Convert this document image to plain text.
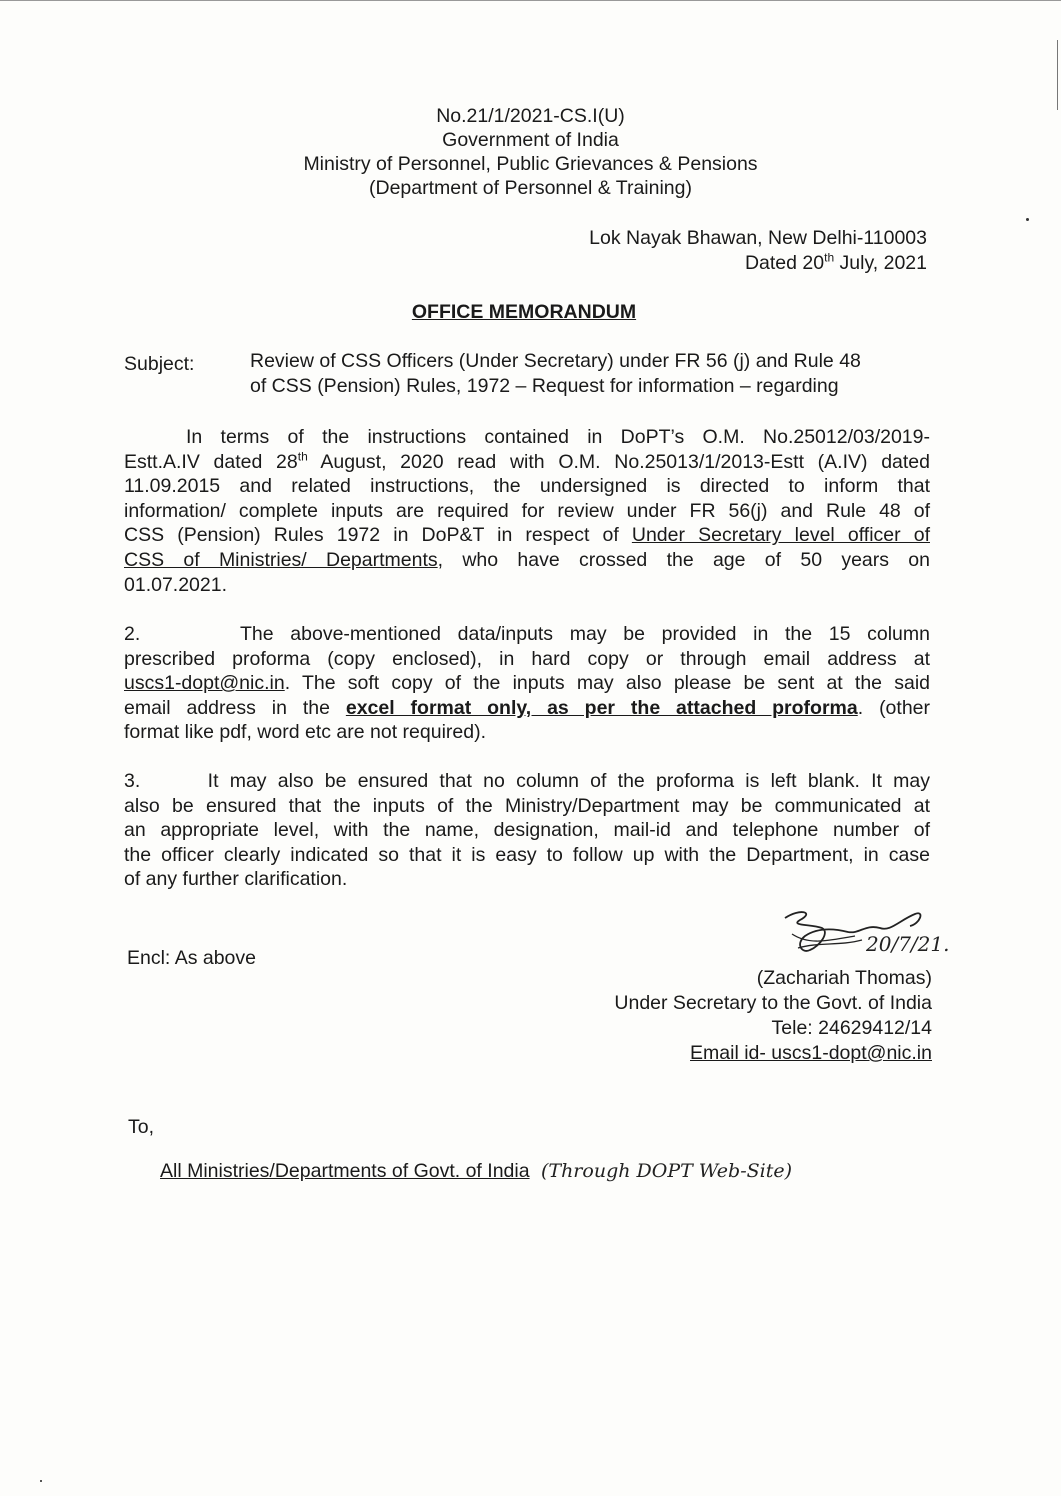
No.21/1/2021-CS.I(U)
Government of India
Ministry of Personnel, Public Grievances & Pensions
(Department of Personnel & Training)
Lok Nayak Bhawan, New Delhi-110003
Dated 20th July, 2021
OFFICE MEMORANDUM
Subject:	Review of CSS Officers (Under Secretary) under FR 56 (j) and Rule 48
of CSS (Pension) Rules, 1972 – Request for information – regarding
In terms of the instructions contained in DoPT’s O.M. No.25012/03/2019-
Estt.A.IV dated 28th August, 2020 read with O.M. No.25013/1/2013-Estt (A.IV) dated
11.09.2015 and related instructions, the undersigned is directed to inform that
information/ complete inputs are required for review under FR 56(j) and Rule 48 of
CSS (Pension) Rules 1972 in DoP&T in respect of Under Secretary level officer of
CSS of Ministries/ Departments, who have crossed the age of 50 years on
01.07.2021.
2.      The above-mentioned data/inputs may be provided in the 15 column
prescribed proforma (copy enclosed), in hard copy or through email address at
uscs1-dopt@nic.in. The soft copy of the inputs may also please be sent at the said
email address in the excel format only, as per the attached proforma. (other
format like pdf, word etc are not required).
3.      It may also be ensured that no column of the proforma is left blank. It may
also be ensured that the inputs of the Ministry/Department may be communicated at
an appropriate level, with the name, designation, mail-id and telephone number of
the officer clearly indicated so that it is easy to follow up with the Department, in case
of any further clarification.
20/7/21.
Encl: As above
(Zachariah Thomas)
Under Secretary to the Govt. of India
Tele: 24629412/14
Email id- uscs1-dopt@nic.in
To,
All Ministries/Departments of Govt. of India (Through DOPT Web-Site)
